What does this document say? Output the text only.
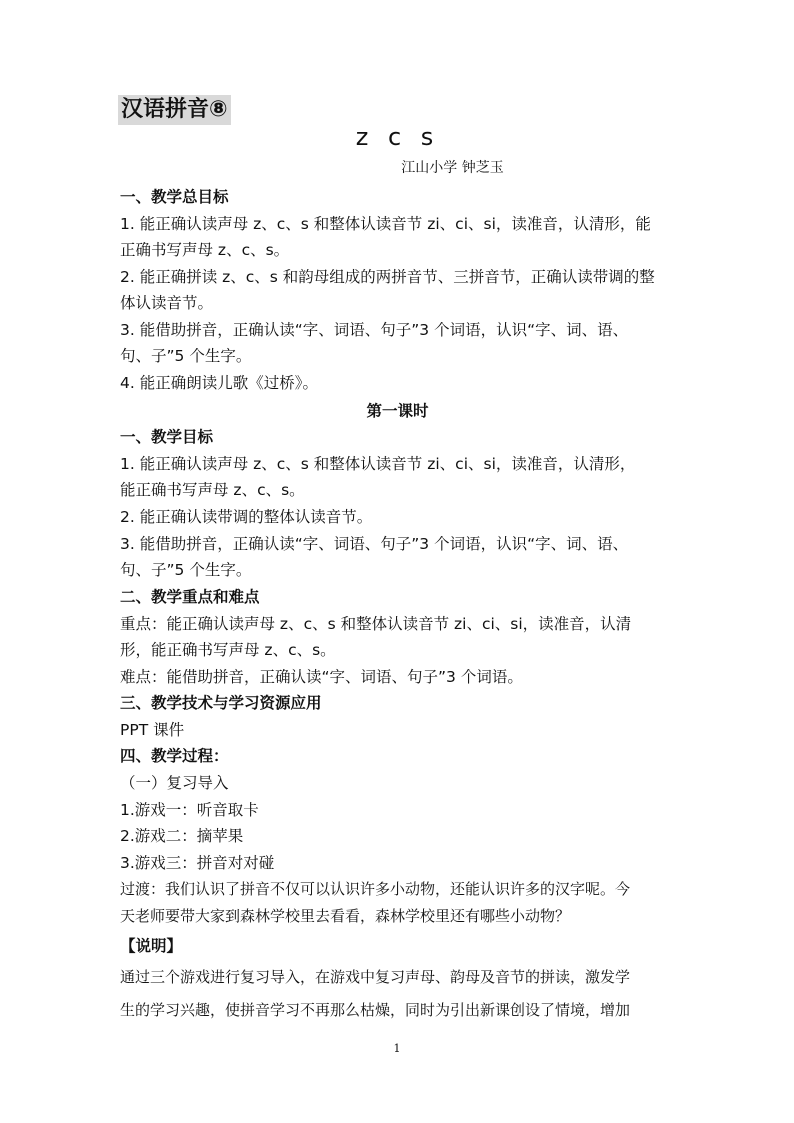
汉语拼音⑧
z c s
江山小学 钟芝玉
一、教学总目标
1. 能正确认读声母 z、c、s 和整体认读音节 zi、ci、si，读准音，认清形，能
正确书写声母 z、c、s。
2. 能正确拼读 z、c、s 和韵母组成的两拼音节、三拼音节，正确认读带调的整
体认读音节。
3. 能借助拼音，正确认读“字、词语、句子”3 个词语，认识“字、词、语、
句、子”5 个生字。
4. 能正确朗读儿歌《过桥》。
第一课时
一、教学目标
1. 能正确认读声母 z、c、s 和整体认读音节 zi、ci、si，读准音，认清形，
能正确书写声母 z、c、s。
2. 能正确认读带调的整体认读音节。
3. 能借助拼音，正确认读“字、词语、句子”3 个词语，认识“字、词、语、
句、子”5 个生字。
二、教学重点和难点
重点：能正确认读声母 z、c、s 和整体认读音节 zi、ci、si，读准音，认清
形，能正确书写声母 z、c、s。
难点：能借助拼音，正确认读“字、词语、句子”3 个词语。
三、教学技术与学习资源应用
PPT 课件
四、教学过程：
（一）复习导入
1.游戏一：听音取卡
2.游戏二：摘苹果
3.游戏三：拼音对对碰
过渡：我们认识了拼音不仅可以认识许多小动物，还能认识许多的汉字呢。今
天老师要带大家到森林学校里去看看，森林学校里还有哪些小动物？
【说明】
通过三个游戏进行复习导入，在游戏中复习声母、韵母及音节的拼读，激发学
生的学习兴趣，使拼音学习不再那么枯燥，同时为引出新课创设了情境，增加
1
